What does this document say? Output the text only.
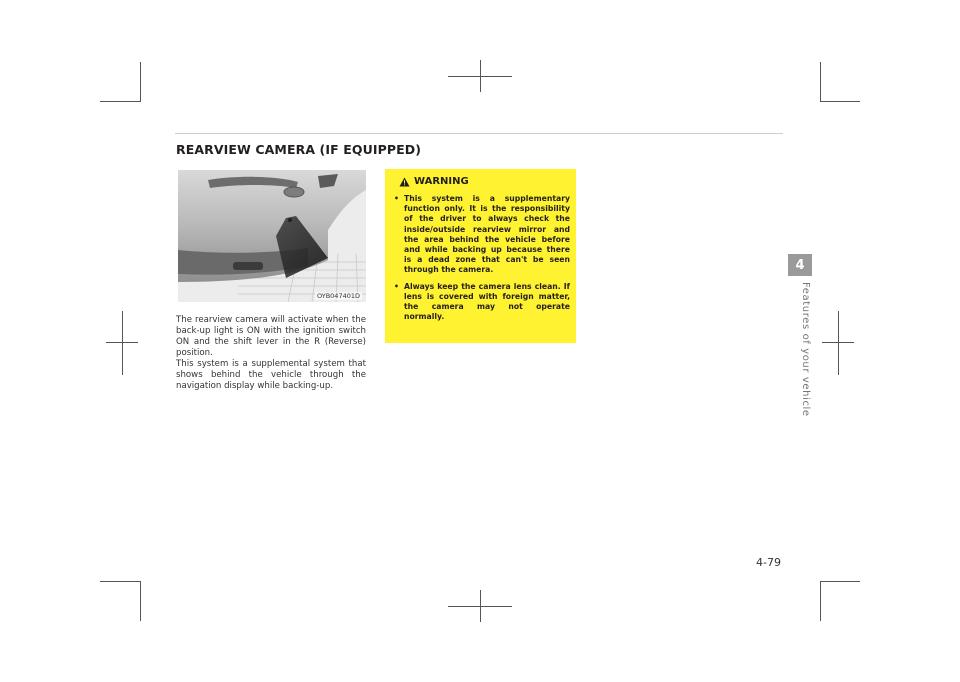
REARVIEW CAMERA (IF EQUIPPED)
OYB047401D

The rearview camera will activate when the back-up light is ON with the ignition switch ON and the shift lever in the R (Reverse) position.

This system is a supplemental system that shows behind the vehicle through the navigation display while backing-up.

WARNING
• This system is a supplementary function only. It is the responsibility of the driver to always check the inside/outside rearview mirror and the area behind the vehicle before and while backing up because there is a dead zone that can't be seen through the camera.
• Always keep the camera lens clean. If lens is covered with foreign matter, the camera may not operate normally.
4
Features of your vehicle
4-79
